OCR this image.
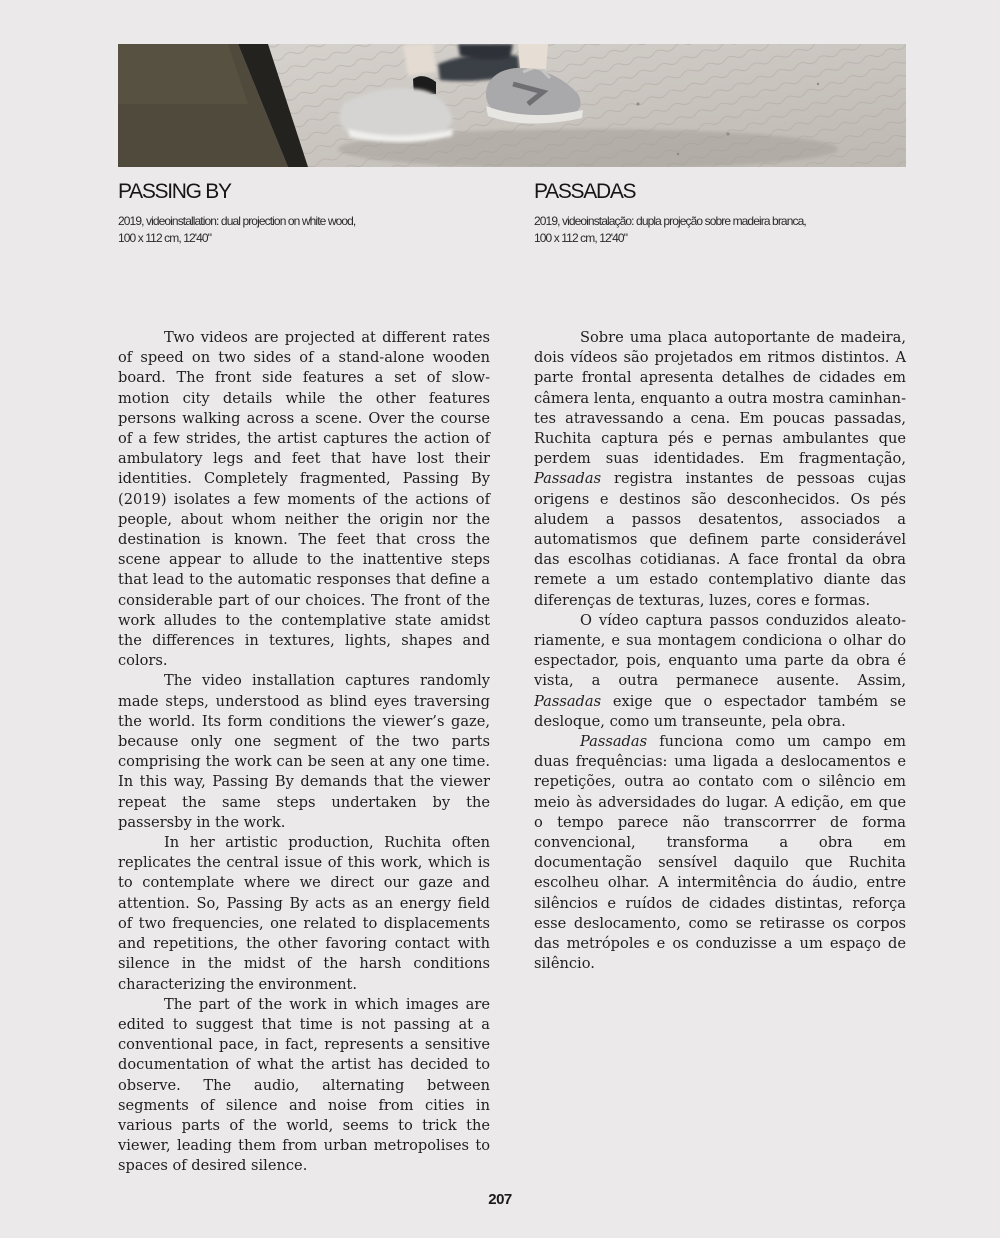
PASSING BY
2019, videoinstallation: dual projection on white wood,
100 x 112 cm, 12'40"
PASSADAS
2019, videoinstalação: dupla projeção sobre madeira branca,
100 x 112 cm, 12'40"

Two videos are projected at different rates of speed on two sides of a stand-alone wooden board. The front side features a set of slow-motion city details while the other features persons walking across a scene. Over the course of a few strides, the artist captures the action of ambulatory legs and feet that have lost their identities. Completely fragmented, Passing By (2019) isolates a few moments of the actions of people, about whom neither the origin nor the destination is known. The feet that cross the scene appear to allude to the inattentive steps that lead to the automatic responses that define a considerable part of our choices. The front of the work alludes to the contemplative state amidst the differences in textures, lights, shapes and colors.

The video installation captures randomly made steps, understood as blind eyes traversing the world. Its form conditions the viewer’s gaze, because only one segment of the two parts comprising the work can be seen at any one time. In this way, Passing By demands that the viewer repeat the same steps undertaken by the passersby in the work.

In her artistic production, Ruchita often replicates the central issue of this work, which is to contemplate where we direct our gaze and attention. So, Passing By acts as an energy field of two frequencies, one related to displacements and repetitions, the other favoring contact with silence in the midst of the harsh conditions characterizing the environment.

The part of the work in which images are edited to suggest that time is not passing at a conventional pace, in fact, represents a sensitive documentation of what the artist has decided to observe. The audio, alternating between segments of silence and noise from cities in various parts of the world, seems to trick the viewer, leading them from urban metropolises to spaces of desired silence.

Sobre uma placa autoportante de madeira, dois vídeos são projetados em ritmos distintos. A parte frontal apresenta detalhes de cidades em câmera lenta, enquanto a outra mostra caminhantes atravessando a cena. Em poucas passadas, Ruchita captura pés e pernas ambulantes que perdem suas identidades. Em fragmentação, Passadas registra instantes de pessoas cujas origens e destinos são desconhecidos. Os pés aludem a passos desatentos, associados a automatismos que definem parte considerável das escolhas cotidianas. A face frontal da obra remete a um estado contemplativo diante das diferenças de texturas, luzes, cores e formas.

O vídeo captura passos conduzidos aleatoriamente, e sua montagem condiciona o olhar do espectador, pois, enquanto uma parte da obra é vista, a outra permanece ausente. Assim, Passadas exige que o espectador também se desloque, como um transeunte, pela obra.

Passadas funciona como um campo em duas frequências: uma ligada a deslocamentos e repetições, outra ao contato com o silêncio em meio às adversidades do lugar. A edição, em que o tempo parece não transcorrrer de forma convencional, transforma a obra em documentação sensível daquilo que Ruchita escolheu olhar. A intermitência do áudio, entre silêncios e ruídos de cidades distintas, reforça esse deslocamento, como se retirasse os corpos das metrópoles e os conduzisse a um espaço de silêncio.

207
